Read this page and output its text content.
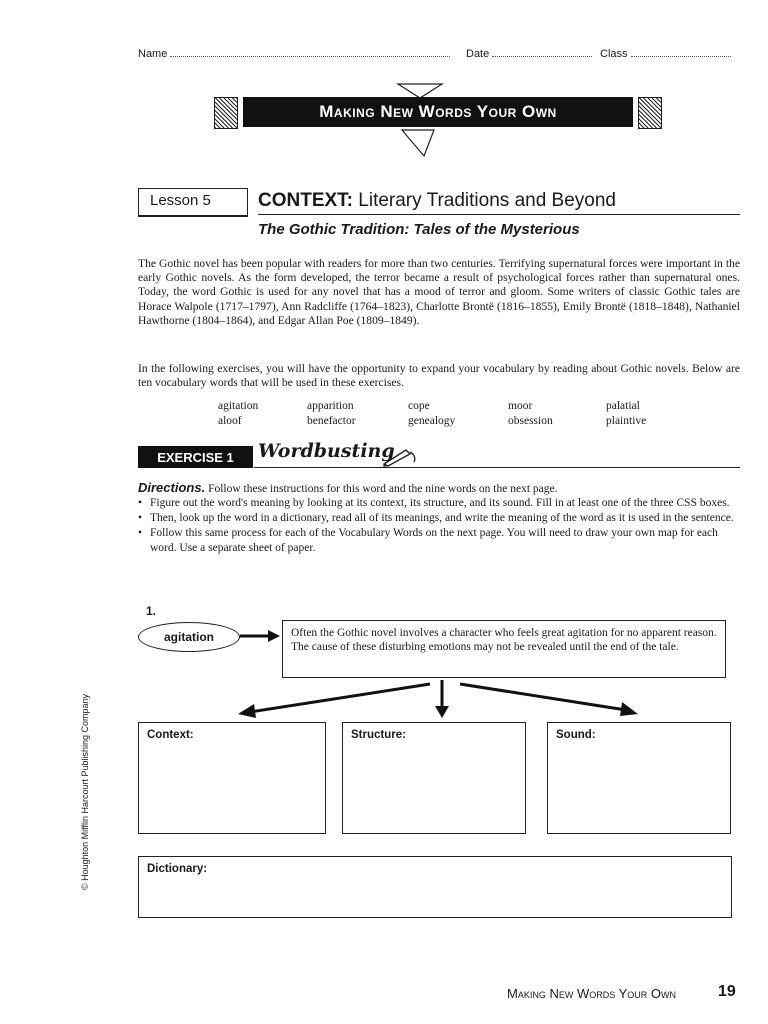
Name	Date	Class
Making New Words Your Own
Lesson 5 CONTEXT: Literary Traditions and Beyond
The Gothic Tradition: Tales of the Mysterious
The Gothic novel has been popular with readers for more than two centuries. Terrifying supernatural forces were important in the early Gothic novels. As the form developed, the terror became a result of psychological forces rather than supernatural ones. Today, the word Gothic is used for any novel that has a mood of terror and gloom. Some writers of classic Gothic tales are Horace Walpole (1717–1797), Ann Radcliffe (1764–1823), Charlotte Brontë (1816–1855), Emily Brontë (1818–1848), Nathaniel Hawthorne (1804–1864), and Edgar Allan Poe (1809–1849).
In the following exercises, you will have the opportunity to expand your vocabulary by reading about Gothic novels. Below are ten vocabulary words that will be used in these exercises.
agitation	apparition	cope	moor	palatial
aloof	benefactor	genealogy	obsession	plaintive
EXERCISE 1	Wordbusting
Directions. Follow these instructions for this word and the nine words on the next page.
• Figure out the word's meaning by looking at its context, its structure, and its sound. Fill in at least one of the three CSS boxes.
• Then, look up the word in a dictionary, read all of its meanings, and write the meaning of the word as it is used in the sentence.
• Follow this same process for each of the Vocabulary Words on the next page. You will need to draw your own map for each word. Use a separate sheet of paper.
1.
agitation	Often the Gothic novel involves a character who feels great agitation for no apparent reason. The cause of these disturbing emotions may not be revealed until the end of the tale.
Context:	Structure:	Sound:
Dictionary:
© Houghton Mifflin Harcourt Publishing Company
Making New Words Your Own	19
